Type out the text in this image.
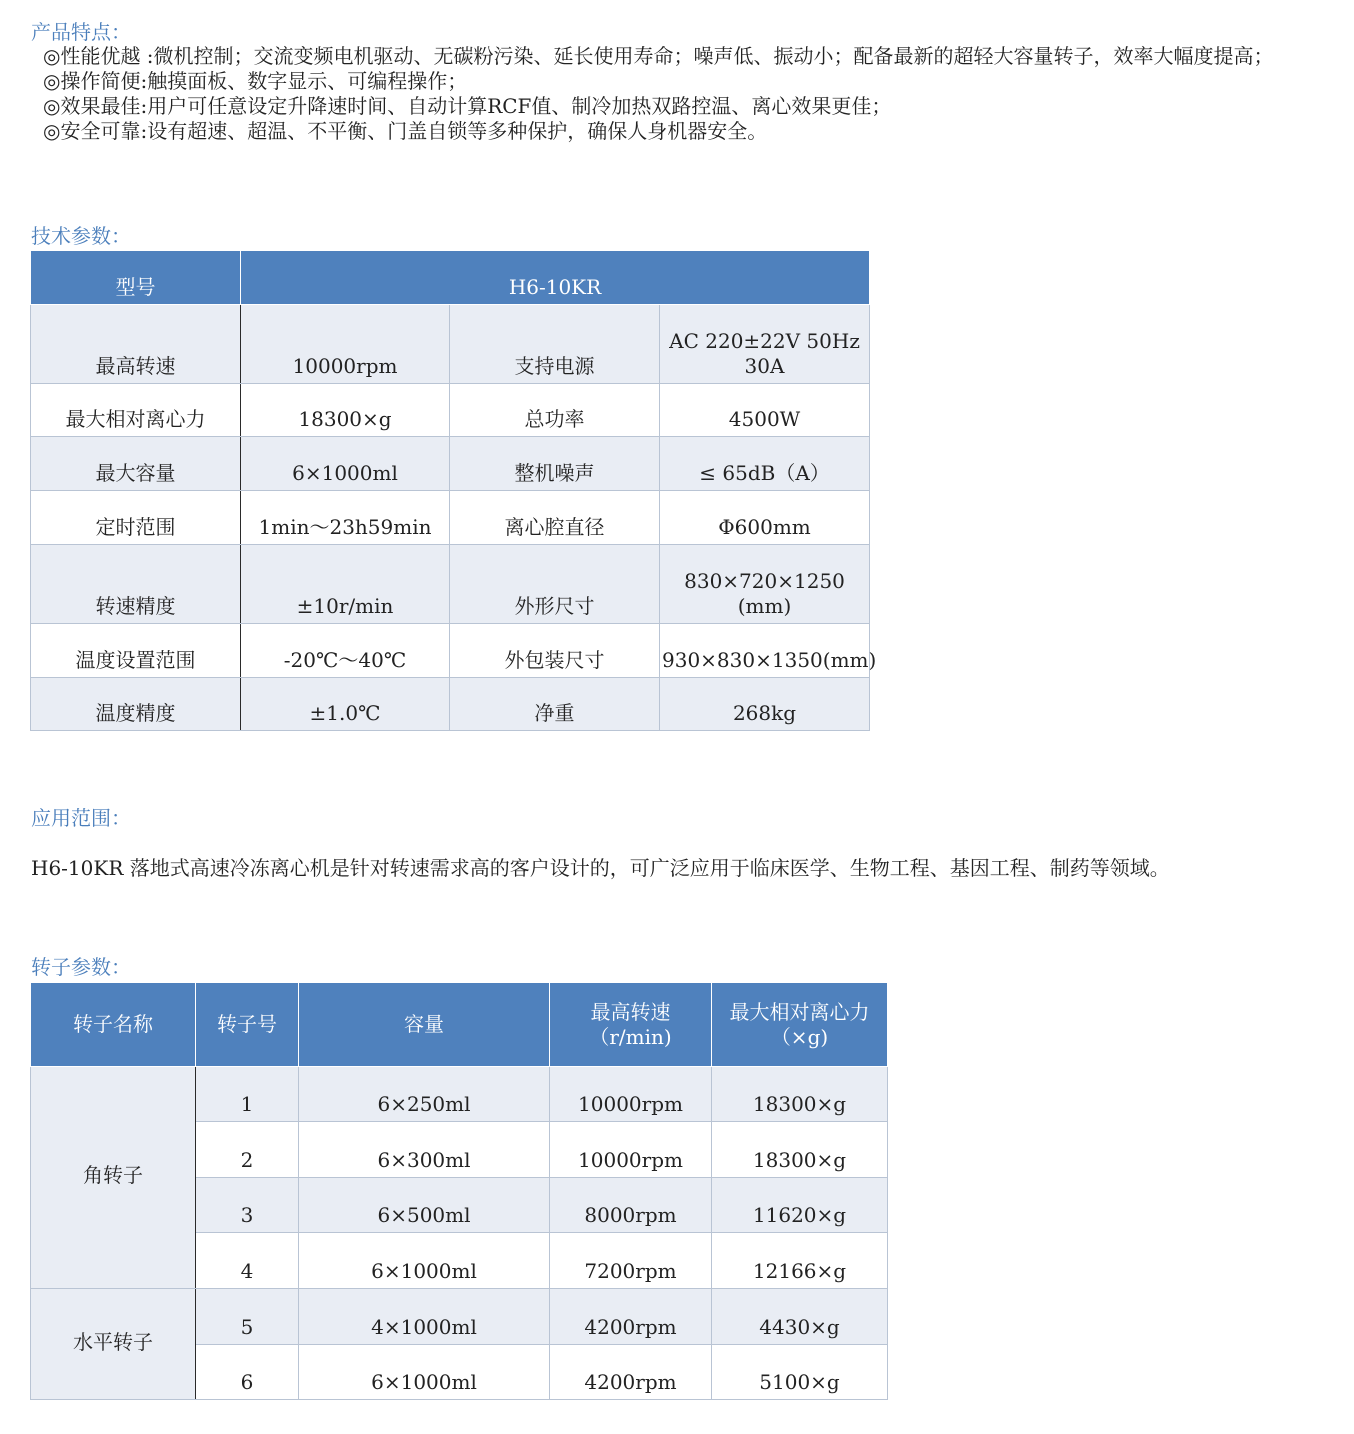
产品特点：

◎性能优越 :微机控制；交流变频电机驱动、无碳粉污染、延长使用寿命；噪声低、振动小；配备最新的超轻大容量转子，效率大幅度提高；

◎操作简便:触摸面板、数字显示、可编程操作；

◎效果最佳:用户可任意设定升降速时间、自动计算RCF值、制冷加热双路控温、离心效果更佳；

◎安全可靠:设有超速、超温、不平衡、门盖自锁等多种保护，确保人身机器安全。

技术参数：
型号	H6-10KR		
最高转速	10000rpm	支持电源	AC 220±22V 50Hz 30A
最大相对离心力	18300×g	总功率	4500W
最大容量	6×1000ml	整机噪声	≤ 65dB（A）
定时范围	1min～23h59min	离心腔直径	Φ600mm
转速精度	±10r/min	外形尺寸	830×720×1250 (mm)
温度设置范围	-20℃～40℃	外包装尺寸	930×830×1350(mm)
温度精度	±1.0℃	净重	268kg
应用范围：

H6-10KR 落地式高速冷冻离心机是针对转速需求高的客户设计的，可广泛应用于临床医学、生物工程、基因工程、制药等领域。

转子参数：
转子名称	转子号	容量	最高转速（r/min)	最大相对离心力（×g)
角转子	1	6×250ml	10000rpm	18300×g
	2	6×300ml	10000rpm	18300×g
	3	6×500ml	8000rpm	11620×g
	4	6×1000ml	7200rpm	12166×g
水平转子	5	4×1000ml	4200rpm	4430×g
	6	6×1000ml	4200rpm	5100×g
